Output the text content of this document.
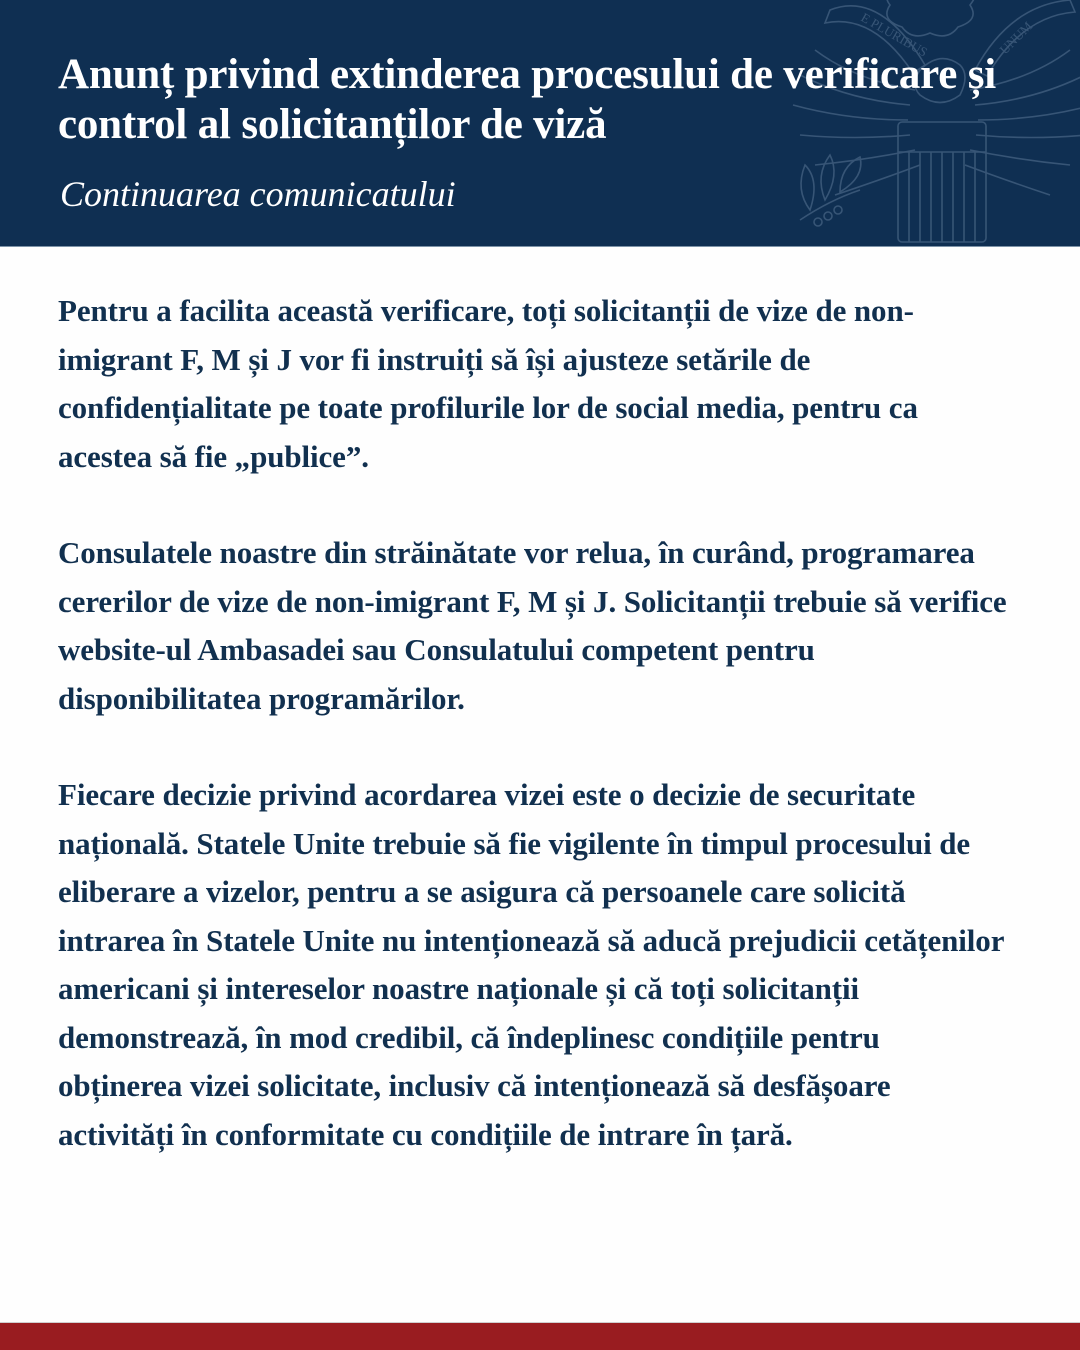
E PLURIBUS	UNUM
Anunț privind extinderea procesului de verificare și control al solicitanților de viză

Continuarea comunicatului

Pentru a facilita această verificare, toți solicitanții de vize de non-imigrant F, M și J vor fi instruiți să își ajusteze setările de confidențialitate pe toate profilurile lor de social media, pentru ca acestea să fie „publice”.

Consulatele noastre din străinătate vor relua, în curând, programarea cererilor de vize de non-imigrant F, M și J. Solicitanții trebuie să verifice website-ul Ambasadei sau Consulatului competent pentru disponibilitatea programărilor.

Fiecare decizie privind acordarea vizei este o decizie de securitate națională. Statele Unite trebuie să fie vigilente în timpul procesului de eliberare a vizelor, pentru a se asigura că persoanele care solicită intrarea în Statele Unite nu intenționează să aducă prejudicii cetățenilor americani și intereselor noastre naționale și că toți solicitanții demonstrează, în mod credibil, că îndeplinesc condițiile pentru obținerea vizei solicitate, inclusiv că intenționează să desfășoare activități în conformitate cu condițiile de intrare în țară.
